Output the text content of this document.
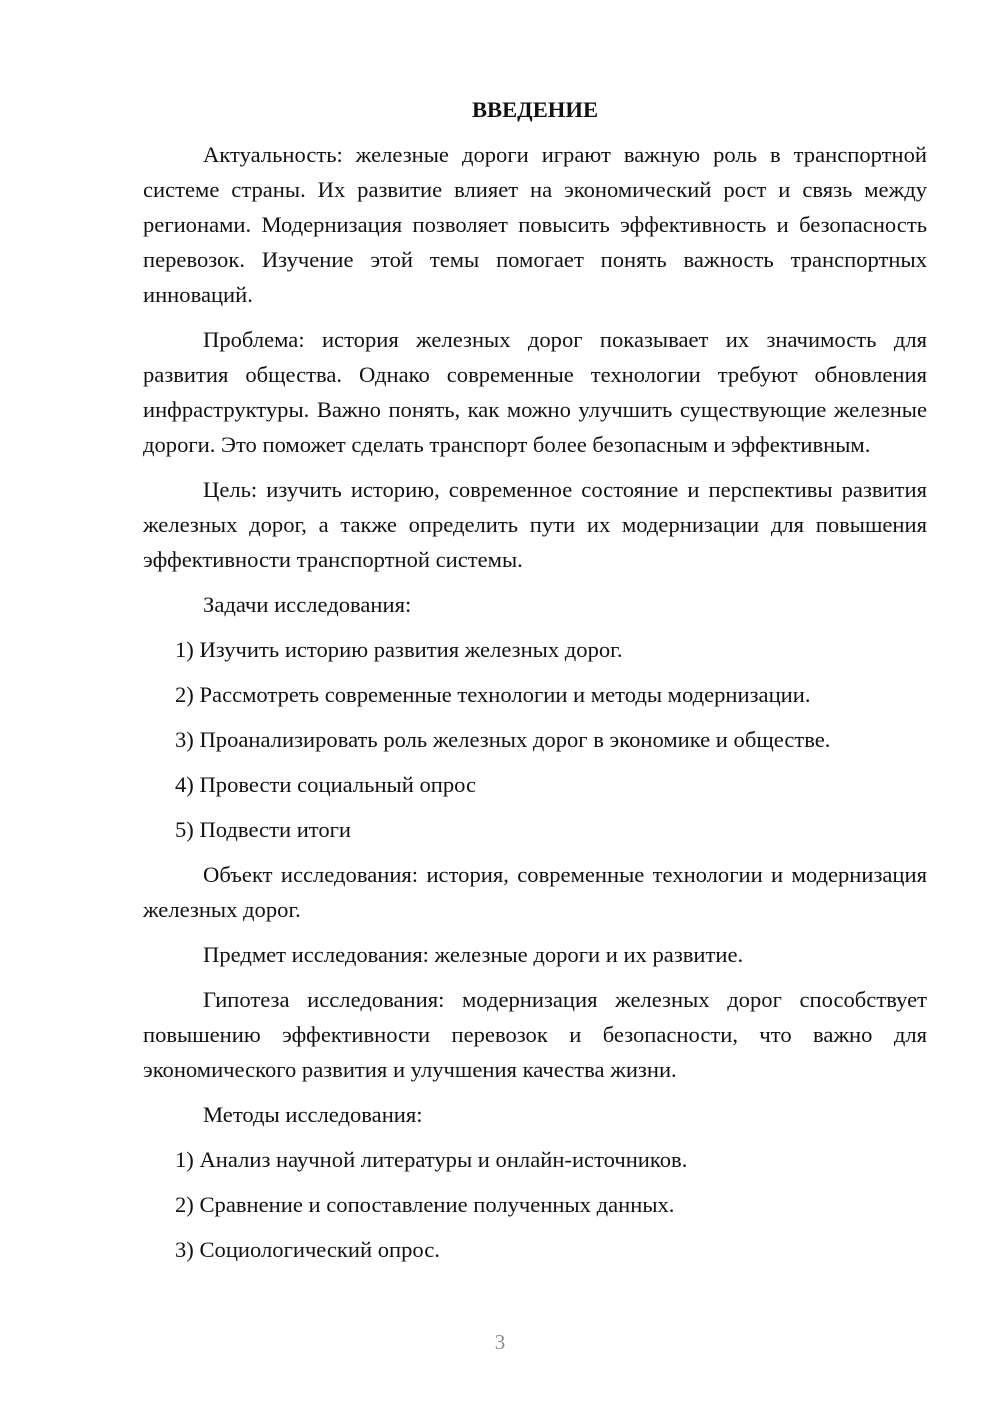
ВВЕДЕНИЕ

Актуальность: железные дороги играют важную роль в транспортной системе страны. Их развитие влияет на экономический рост и связь между регионами. Модернизация позволяет повысить эффективность и безопасность перевозок. Изучение этой темы помогает понять важность транспортных инноваций.

Проблема: история железных дорог показывает их значимость для развития общества. Однако современные технологии требуют обновления инфраструктуры. Важно понять, как можно улучшить существующие железные дороги. Это поможет сделать транспорт более безопасным и эффективным.

Цель: изучить историю, современное состояние и перспективы развития железных дорог, а также определить пути их модернизации для повышения эффективности транспортной системы.

Задачи исследования:

1) Изучить историю развития железных дорог.
2) Рассмотреть современные технологии и методы модернизации.
3) Проанализировать роль железных дорог в экономике и обществе.
4) Провести социальный опрос
5) Подвести итоги

Объект исследования: история, современные технологии и модернизация железных дорог.

Предмет исследования: железные дороги и их развитие.

Гипотеза исследования: модернизация железных дорог способствует повышению эффективности перевозок и безопасности, что важно для экономического развития и улучшения качества жизни.

Методы исследования:

1) Анализ научной литературы и онлайн-источников.
2) Сравнение и сопоставление полученных данных.
3) Социологический опрос.
3
